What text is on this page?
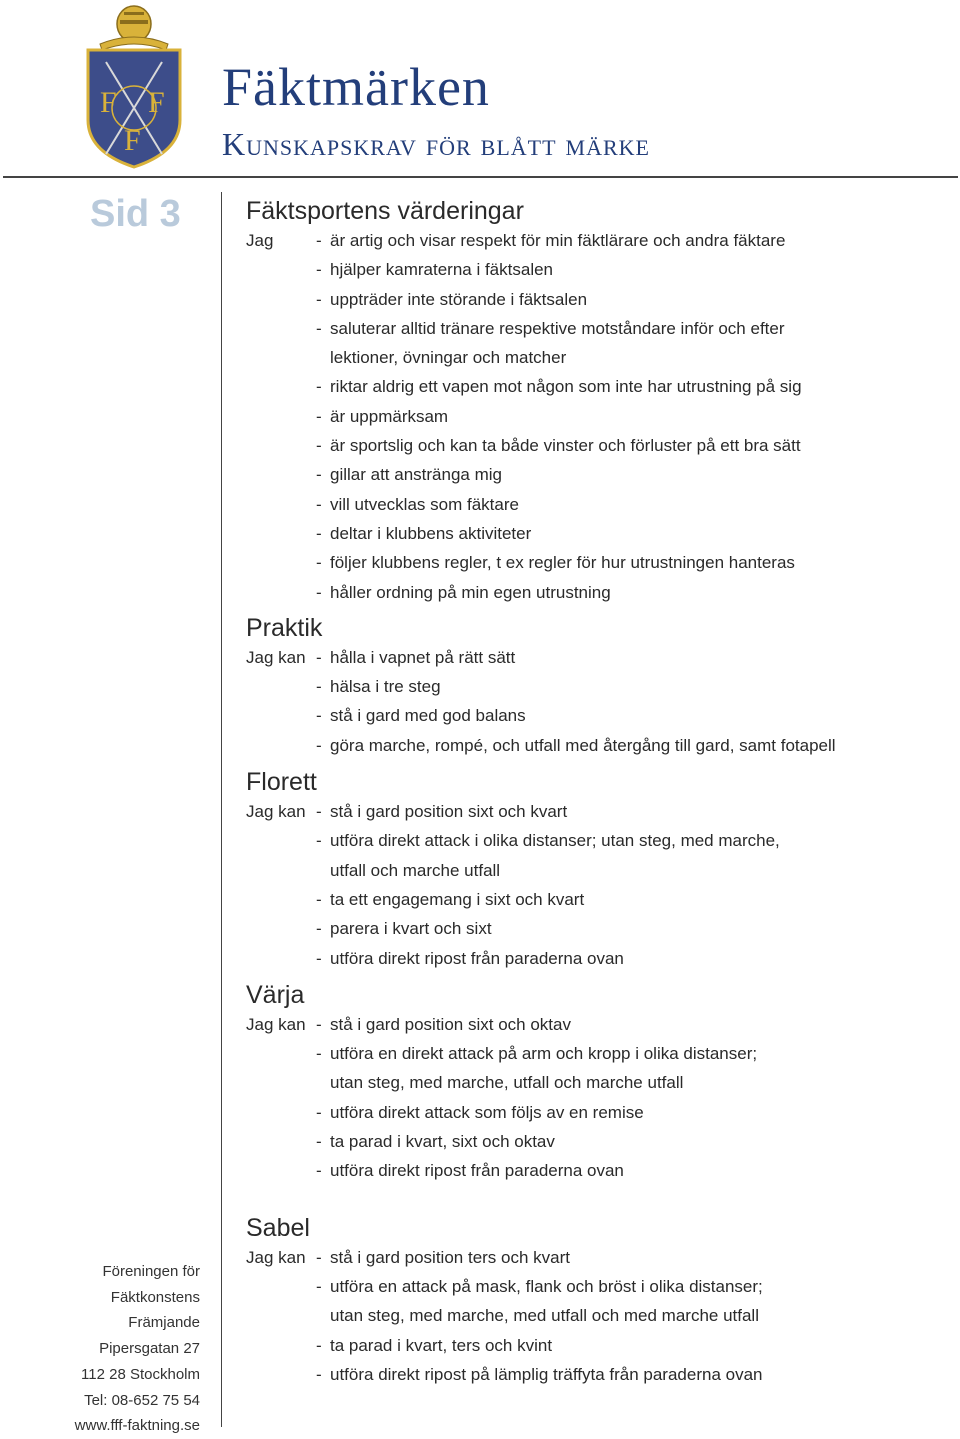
F F
F
Fäktmärken
Kunskapskrav för blått märke
Sid 3
Föreningen för
Fäktkonstens
Främjande
Pipersgatan 27
112 28 Stockholm
Tel: 08-652 75 54
www.fff-faktning.se
Fäktsportens värderingar
Jag	- är artig och visar respekt för min fäktlärare och andra fäktare
- hjälper kamraterna i fäktsalen
- uppträder inte störande i fäktsalen
- saluterar alltid tränare respektive motståndare inför och efter
lektioner, övningar och matcher
- riktar aldrig ett vapen mot någon som inte har utrustning på sig
- är uppmärksam
- är sportslig och kan ta både vinster och förluster på ett bra sätt
- gillar att anstränga mig
- vill utvecklas som fäktare
- deltar i klubbens aktiviteter
- följer klubbens regler, t ex regler för hur utrustningen hanteras
- håller ordning på min egen utrustning
Praktik
Jag kan - hålla i vapnet på rätt sätt
- hälsa i tre steg
- stå i gard med god balans
- göra marche, rompé, och utfall med återgång till gard, samt fotapell
Florett
Jag kan - stå i gard position sixt och kvart
- utföra direkt attack i olika distanser; utan steg, med marche,
utfall och marche utfall
- ta ett engagemang i sixt och kvart
- parera i kvart och sixt
- utföra direkt ripost från paraderna ovan
Värja
Jag kan - stå i gard position sixt och oktav
- utföra en direkt attack på arm och kropp i olika distanser;
utan steg, med marche, utfall och marche utfall
- utföra direkt attack som följs av en remise
- ta parad i kvart, sixt och oktav
- utföra direkt ripost från paraderna ovan
Sabel
Jag kan - stå i gard position ters och kvart
- utföra en attack på mask, flank och bröst i olika distanser;
utan steg, med marche, med utfall och med marche utfall
- ta parad i kvart, ters och kvint
- utföra direkt ripost på lämplig träffyta från paraderna ovan
